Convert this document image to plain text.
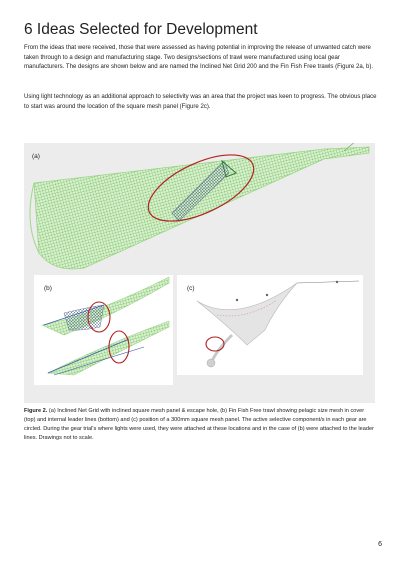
6 Ideas Selected for Development

From the ideas that were received, those that were assessed as having potential in improving the release of unwanted catch were taken through to a design and manufacturing stage. Two designs/sections of trawl were manufactured using local gear manufacturers. The designs are shown below and are named the Inclined Net Grid 200 and the Fin Fish Free trawls (Figure 2a, b).

Using light technology as an additional approach to selectivity was an area that the project was keen to progress. The obvious place to start was around the location of the square mesh panel (Figure 2c).

(a)
(b)	(c)

Figure 2. (a) Inclined Net Grid with inclined square mesh panel & escape hole, (b) Fin Fish Free trawl showing pelagic size mesh in cover (top) and internal leader lines (bottom) and (c) position of a 300mm square mesh panel. The active selective component/s in each gear are circled. During the gear trial's where lights were used, they were attached at these locations and in the case of (b) were attached to the leader lines. Drawings not to scale.

6
